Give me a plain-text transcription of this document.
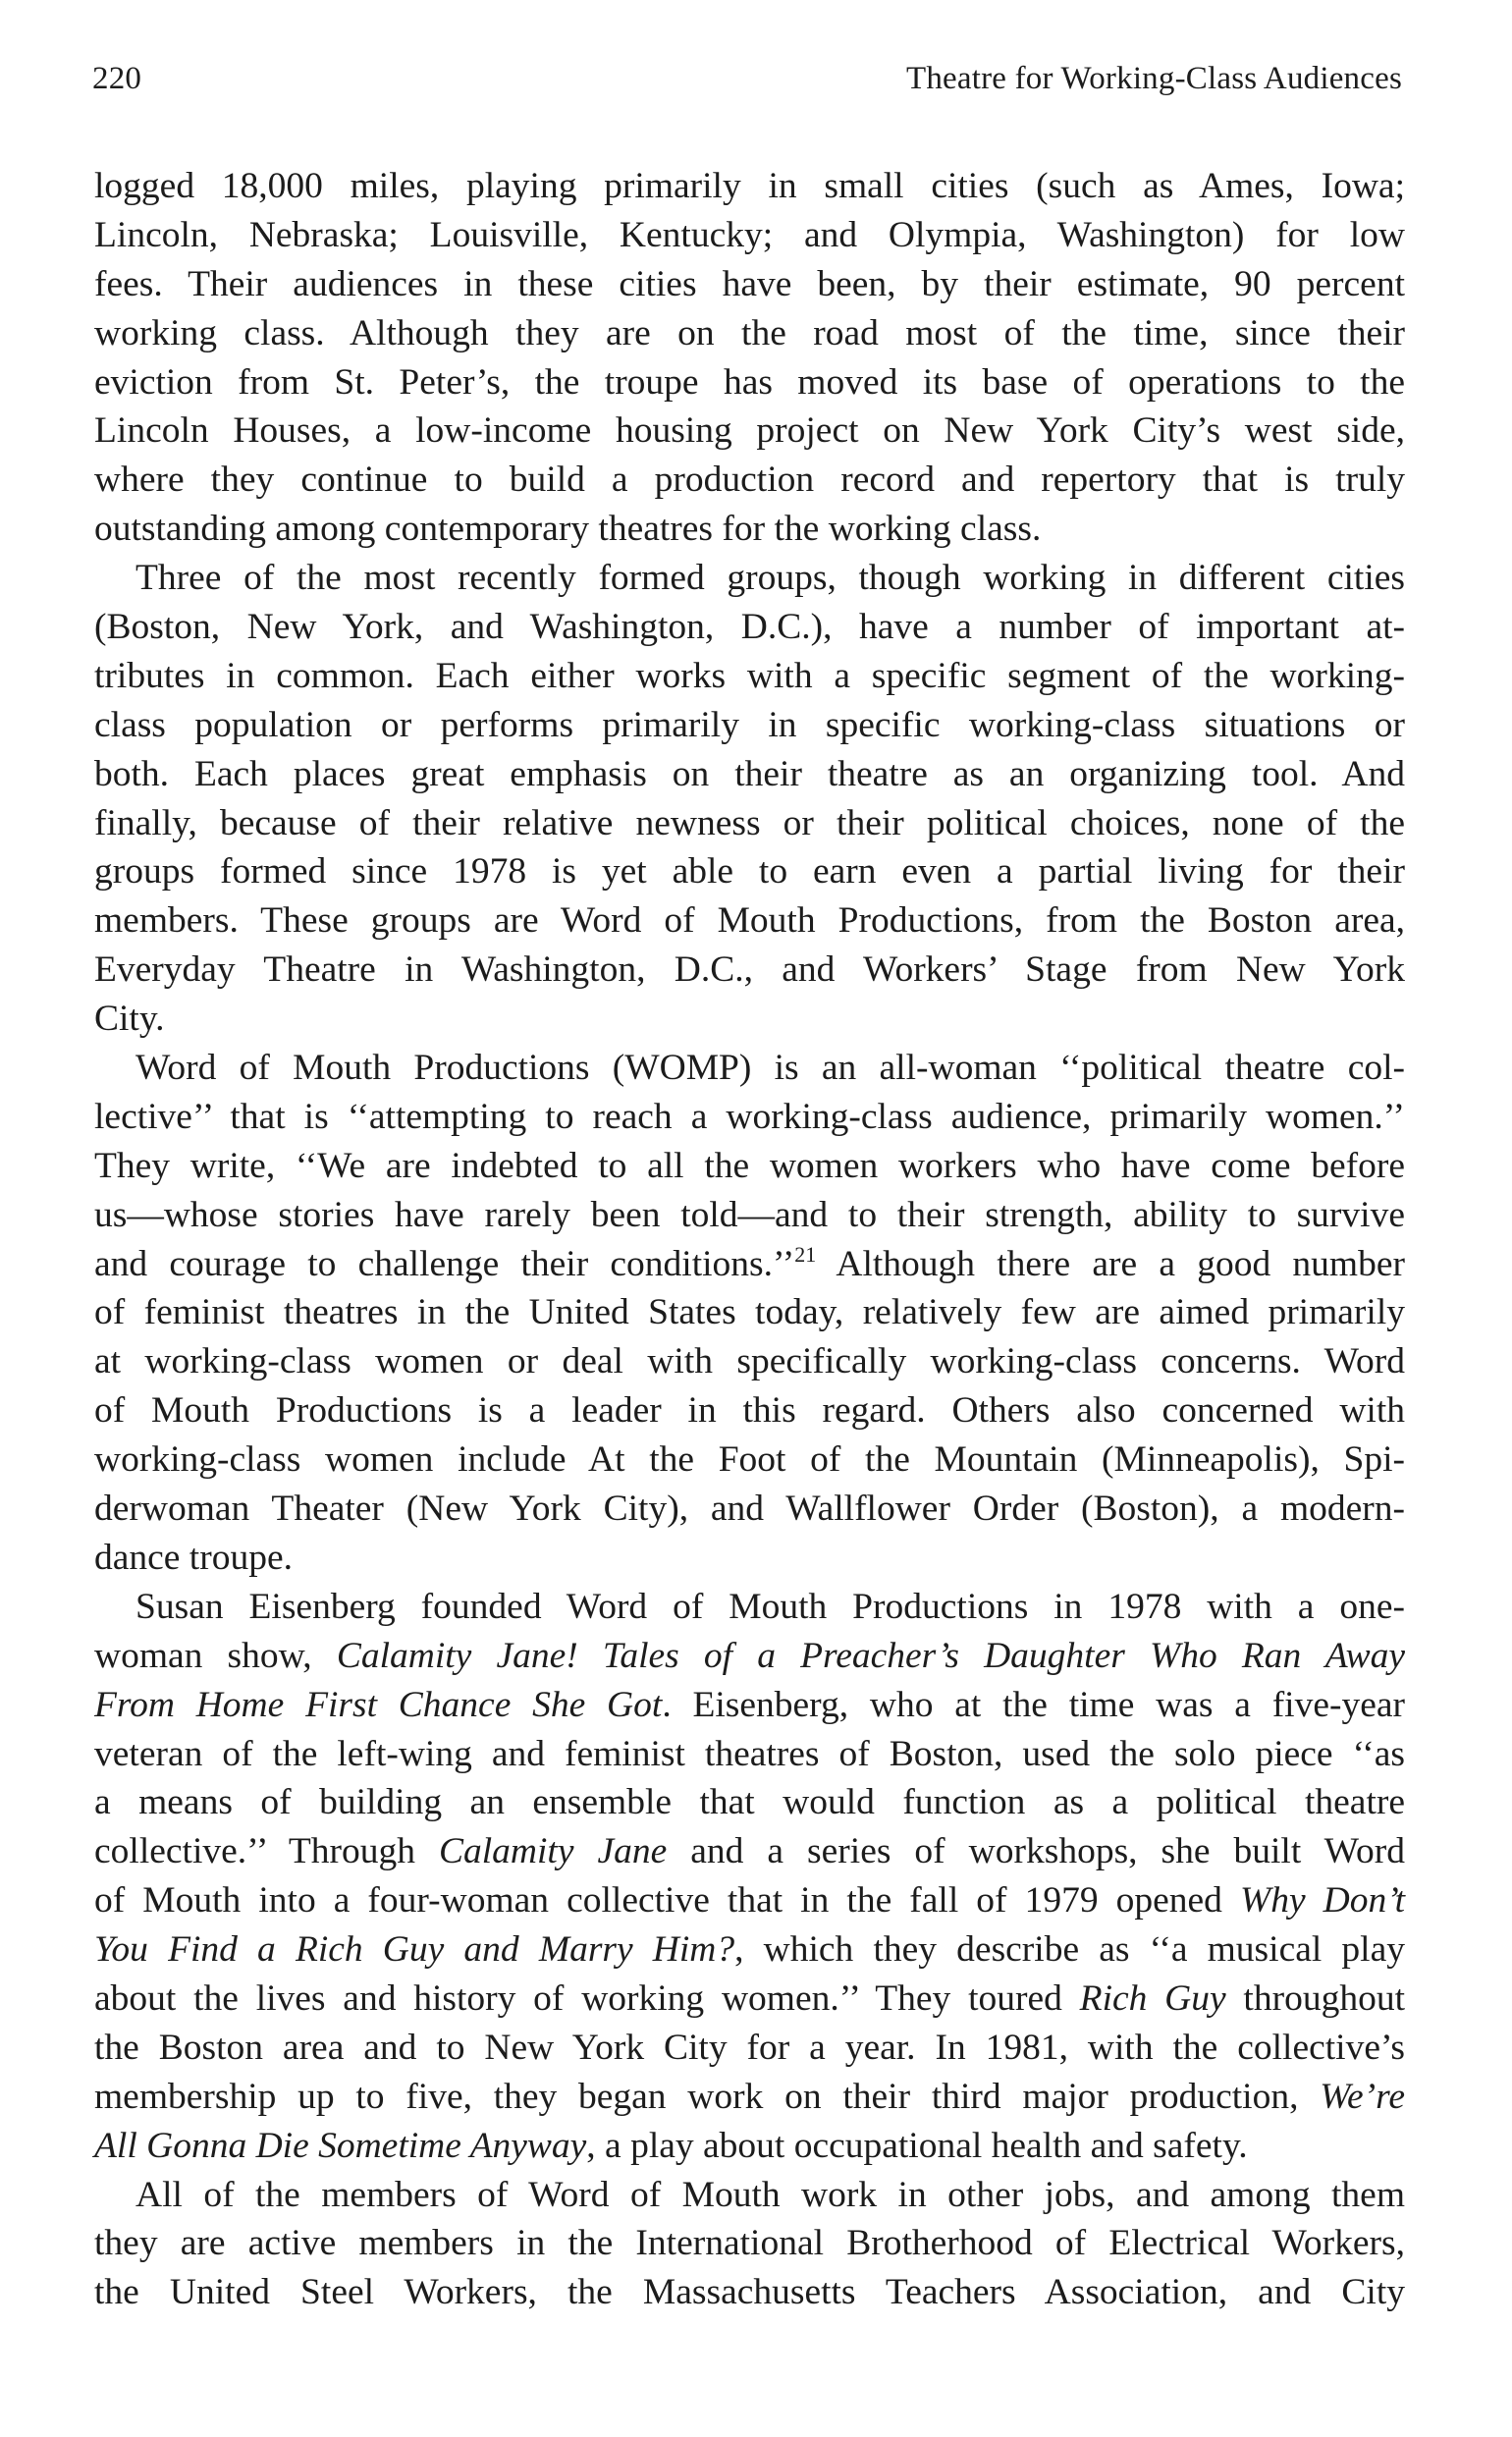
220	Theatre for Working-Class Audiences
logged 18,000 miles, playing primarily in small cities (such as Ames, Iowa;
Lincoln, Nebraska; Louisville, Kentucky; and Olympia, Washington) for low
fees. Their audiences in these cities have been, by their estimate, 90 percent
working class. Although they are on the road most of the time, since their
eviction from St. Peter’s, the troupe has moved its base of operations to the
Lincoln Houses, a low-income housing project on New York City’s west side,
where they continue to build a production record and repertory that is truly
outstanding among contemporary theatres for the working class.
Three of the most recently formed groups, though working in different cities
(Boston, New York, and Washington, D.C.), have a number of important at-
tributes in common. Each either works with a specific segment of the working-
class population or performs primarily in specific working-class situations or
both. Each places great emphasis on their theatre as an organizing tool. And
finally, because of their relative newness or their political choices, none of the
groups formed since 1978 is yet able to earn even a partial living for their
members. These groups are Word of Mouth Productions, from the Boston area,
Everyday Theatre in Washington, D.C., and Workers’ Stage from New York
City.
Word of Mouth Productions (WOMP) is an all-woman ‘‘political theatre col-
lective’’ that is ‘‘attempting to reach a working-class audience, primarily women.’’
They write, ‘‘We are indebted to all the women workers who have come before
us—whose stories have rarely been told—and to their strength, ability to survive
and courage to challenge their conditions.’’$^{21}$ Although there are a good number
of feminist theatres in the United States today, relatively few are aimed primarily
at working-class women or deal with specifically working-class concerns. Word
of Mouth Productions is a leader in this regard. Others also concerned with
working-class women include At the Foot of the Mountain (Minneapolis), Spi-
derwoman Theater (New York City), and Wallflower Order (Boston), a modern-
dance troupe.
Susan Eisenberg founded Word of Mouth Productions in 1978 with a one-
woman show, Calamity Jane! Tales of a Preacher’s Daughter Who Ran Away
From Home First Chance She Got. Eisenberg, who at the time was a five-year
veteran of the left-wing and feminist theatres of Boston, used the solo piece ‘‘as
a means of building an ensemble that would function as a political theatre
collective.’’ Through Calamity Jane and a series of workshops, she built Word
of Mouth into a four-woman collective that in the fall of 1979 opened Why Don’t
You Find a Rich Guy and Marry Him?, which they describe as ‘‘a musical play
about the lives and history of working women.’’ They toured Rich Guy throughout
the Boston area and to New York City for a year. In 1981, with the collective’s
membership up to five, they began work on their third major production, We’re
All Gonna Die Sometime Anyway, a play about occupational health and safety.
All of the members of Word of Mouth work in other jobs, and among them
they are active members in the International Brotherhood of Electrical Workers,
the United Steel Workers, the Massachusetts Teachers Association, and City
